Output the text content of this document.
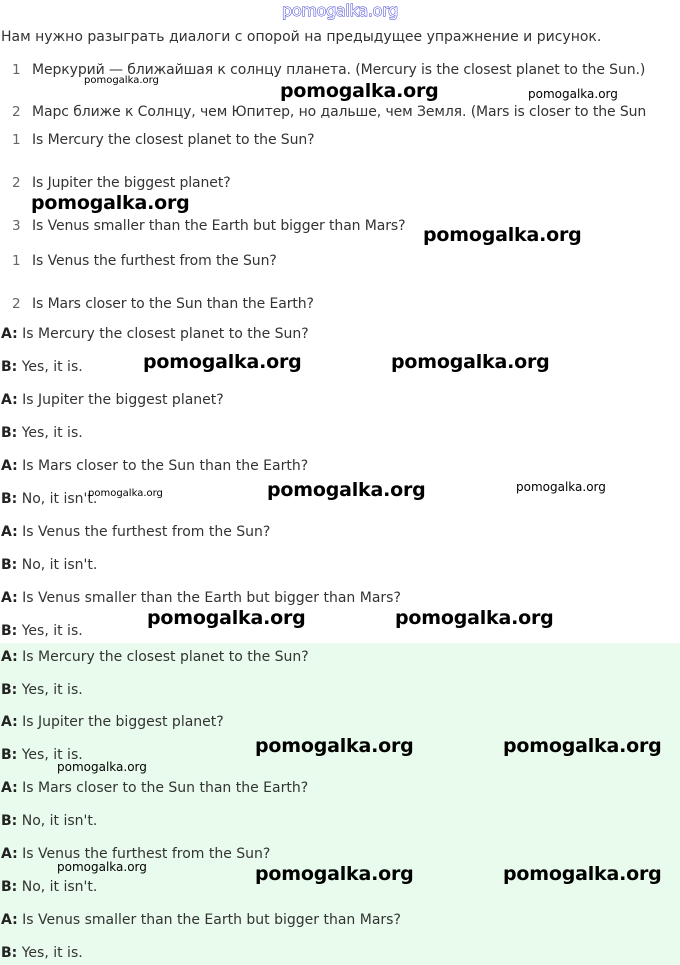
pomogalka.org
Нам нужно разыграть диалоги с опорой на предыдущее упражнение и рисунок.
1 Меркурий — ближайшая к солнцу планета. (Mercury is the closest planet to the Sun.)
2 Марс ближе к Солнцу, чем Юпитер, но дальше, чем Земля. (Mars is closer to the Sun
1 Is Mercury the closest planet to the Sun?
2 Is Jupiter the biggest planet?
3 Is Venus smaller than the Earth but bigger than Mars?
1 Is Venus the furthest from the Sun?
2 Is Mars closer to the Sun than the Earth?
A: Is Mercury the closest planet to the Sun?
B: Yes, it is.
A: Is Jupiter the biggest planet?
B: Yes, it is.
A: Is Mars closer to the Sun than the Earth?
B: No, it isn't.
A: Is Venus the furthest from the Sun?
B: No, it isn't.
A: Is Venus smaller than the Earth but bigger than Mars?
B: Yes, it is.
A: Is Mercury the closest planet to the Sun?
B: Yes, it is.
A: Is Jupiter the biggest planet?
B: Yes, it is.
A: Is Mars closer to the Sun than the Earth?
B: No, it isn't.
A: Is Venus the furthest from the Sun?
B: No, it isn't.
A: Is Venus smaller than the Earth but bigger than Mars?
B: Yes, it is.
pomogalka.org	pomogalka.org	pomogalka.org
pomogalka.org
pomogalka.org
pomogalka.org	pomogalka.org
pomogalka.org	pomogalka.org	pomogalka.org
pomogalka.org	pomogalka.org
pomogalka.org	pomogalka.org
pomogalka.org
pomogalka.org	pomogalka.org	pomogalka.org
